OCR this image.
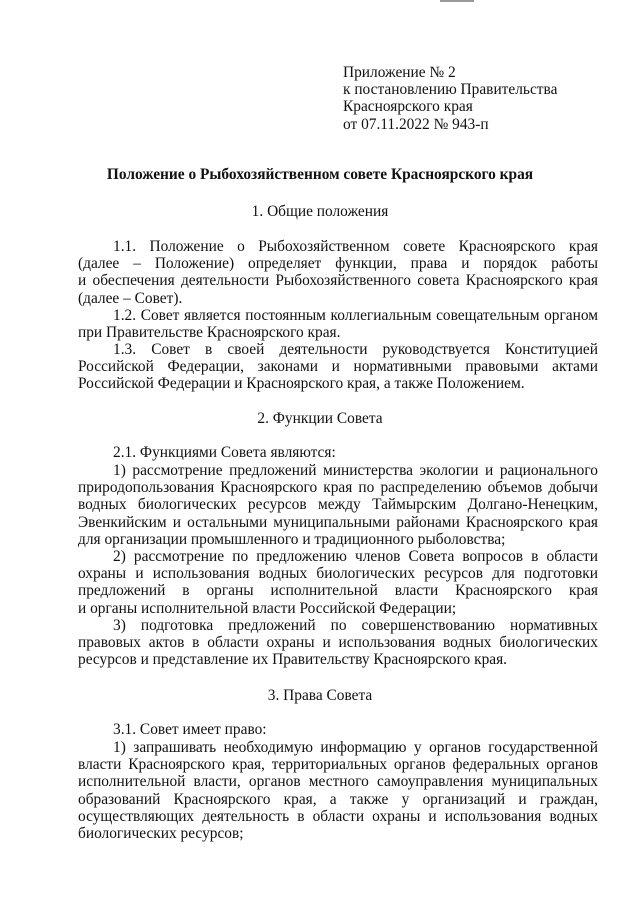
Приложение № 2
к постановлению Правительства
Красноярского края
от 07.11.2022 № 943-п
Положение о Рыбохозяйственном совете Красноярского края
1. Общие положения
1.1. Положение о Рыбохозяйственном совете Красноярского края
(далее – Положение) определяет функции, права и порядок работы
и обеспечения деятельности Рыбохозяйственного совета Красноярского края
(далее – Совет).
1.2. Совет является постоянным коллегиальным совещательным органом
при Правительстве Красноярского края.
1.3. Совет в своей деятельности руководствуется Конституцией
Российской Федерации, законами и нормативными правовыми актами
Российской Федерации и Красноярского края, а также Положением.
2. Функции Совета
2.1. Функциями Совета являются:
1) рассмотрение предложений министерства экологии и рационального
природопользования Красноярского края по распределению объемов добычи
водных биологических ресурсов между Таймырским Долгано-Ненецким,
Эвенкийским и остальными муниципальными районами Красноярского края
для организации промышленного и традиционного рыболовства;
2) рассмотрение по предложению членов Совета вопросов в области
охраны и использования водных биологических ресурсов для подготовки
предложений в органы исполнительной власти Красноярского края
и органы исполнительной власти Российской Федерации;
3) подготовка предложений по совершенствованию нормативных
правовых актов в области охраны и использования водных биологических
ресурсов и представление их Правительству Красноярского края.
3. Права Совета
3.1. Совет имеет право:
1) запрашивать необходимую информацию у органов государственной
власти Красноярского края, территориальных органов федеральных органов
исполнительной власти, органов местного самоуправления муниципальных
образований Красноярского края, а также у организаций и граждан,
осуществляющих деятельность в области охраны и использования водных
биологических ресурсов;
